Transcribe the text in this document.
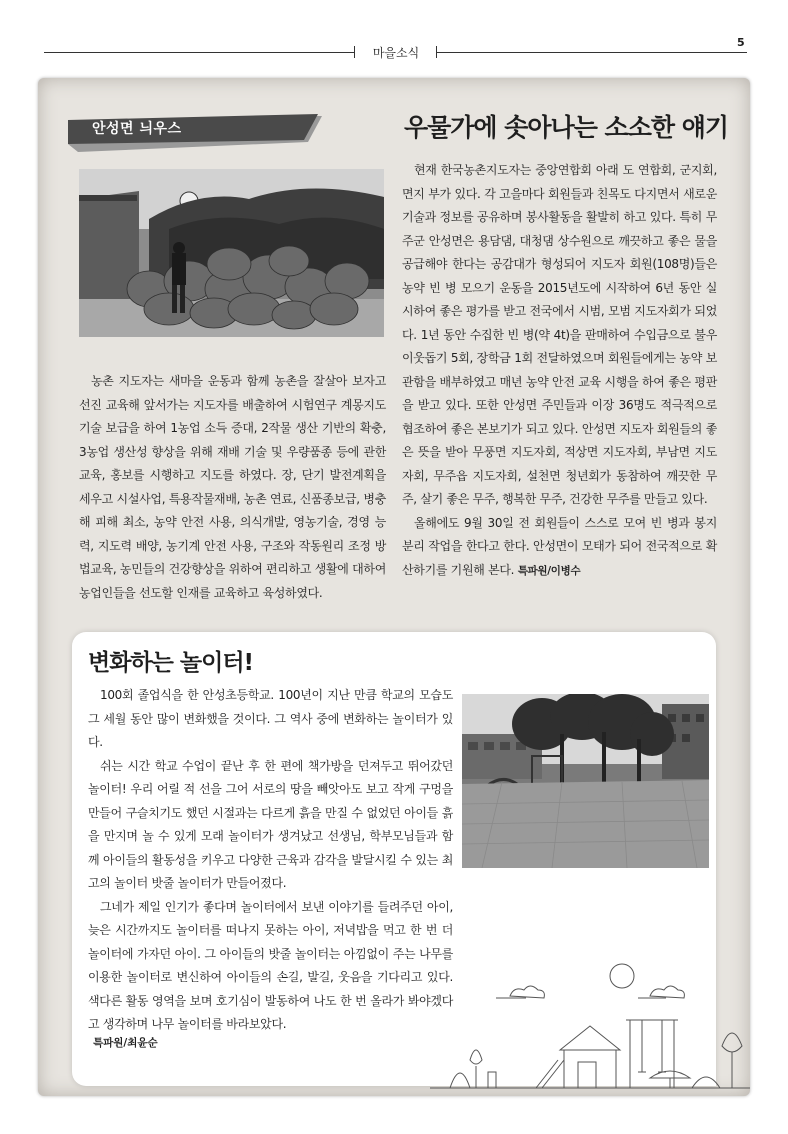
5
마을소식
안성면 늬우스	우물가에 솟아나는 소소한 얘기

농촌 지도자는 새마을 운동과 함께 농촌을 잘살아 보자고 선진 교육해 앞서가는 지도자를 배출하여 시험연구 계몽지도 기술 보급을 하여 1농업 소득 증대, 2작물 생산 기반의 확충, 3농업 생산성 향상을 위해 재배 기술 및 우량품종 등에 관한 교육, 홍보를 시행하고 지도를 하였다. 장, 단기 발전계획을 세우고 시설사업, 특용작물재배, 농촌 연료, 신품종보급, 병충해 피해 최소, 농약 안전 사용, 의식개발, 영농기술, 경영 능력, 지도력 배양, 농기계 안전 사용, 구조와 작동원리 조정 방법교육, 농민들의 건강향상을 위하여 편리하고 생활에 대하여 농업인들을 선도할 인재를 교육하고 육성하였다.

현재 한국농촌지도자는 중앙연합회 아래 도 연합회, 군지회, 면지 부가 있다. 각 고을마다 회원들과 친목도 다지면서 새로운 기술과 정보를 공유하며 봉사활동을 활발히 하고 있다. 특히 무주군 안성면은 용담댐, 대청댐 상수원으로 깨끗하고 좋은 물을 공급해야 한다는 공감대가 형성되어 지도자 회원(108명)들은 농약 빈 병 모으기 운동을 2015년도에 시작하여 6년 동안 실시하여 좋은 평가를 받고 전국에서 시범, 모범 지도자회가 되었다. 1년 동안 수집한 빈 병(약 4t)을 판매하여 수입금으로 불우이웃돕기 5회, 장학금 1회 전달하였으며 회원들에게는 농약 보관함을 배부하였고 매년 농약 안전 교육 시행을 하여 좋은 평판을 받고 있다. 또한 안성면 주민들과 이장 36명도 적극적으로 협조하여 좋은 본보기가 되고 있다. 안성면 지도자 회원들의 좋은 뜻을 받아 무풍면 지도자회, 적상면 지도자회, 부남면 지도자회, 무주읍 지도자회, 설천면 청년회가 동참하여 깨끗한 무주, 살기 좋은 무주, 행복한 무주, 건강한 무주를 만들고 있다.

올해에도 9월 30일 전 회원들이 스스로 모여 빈 병과 봉지 분리 작업을 한다고 한다. 안성면이 모태가 되어 전국적으로 확산하기를 기원해 본다. 특파원/이병수

변화하는 놀이터!

100회 졸업식을 한 안성초등학교. 100년이 지난 만큼 학교의 모습도 그 세월 동안 많이 변화했을 것이다. 그 역사 중에 변화하는 놀이터가 있다.

쉬는 시간 학교 수업이 끝난 후 한 편에 책가방을 던져두고 뛰어갔던 놀이터! 우리 어릴 적 선을 그어 서로의 땅을 빼앗아도 보고 작게 구멍을 만들어 구슬치기도 했던 시절과는 다르게 흙을 만질 수 없었던 아이들 흙을 만지며 놀 수 있게 모래 놀이터가 생겨났고 선생님, 학부모님들과 함께 아이들의 활동성을 키우고 다양한 근육과 감각을 발달시킬 수 있는 최고의 놀이터 밧줄 놀이터가 만들어졌다.

그네가 제일 인기가 좋다며 놀이터에서 보낸 이야기를 들려주던 아이, 늦은 시간까지도 놀이터를 떠나지 못하는 아이, 저녁밥을 먹고 한 번 더 놀이터에 가자던 아이. 그 아이들의 밧줄 놀이터는 아낌없이 주는 나무를 이용한 놀이터로 변신하여 아이들의 손길, 발길, 웃음을 기다리고 있다. 색다른 활동 영역을 보며 호기심이 발동하여 나도 한 번 올라가 봐야겠다고 생각하며 나무 놀이터를 바라보았다.

특파원/최윤순
